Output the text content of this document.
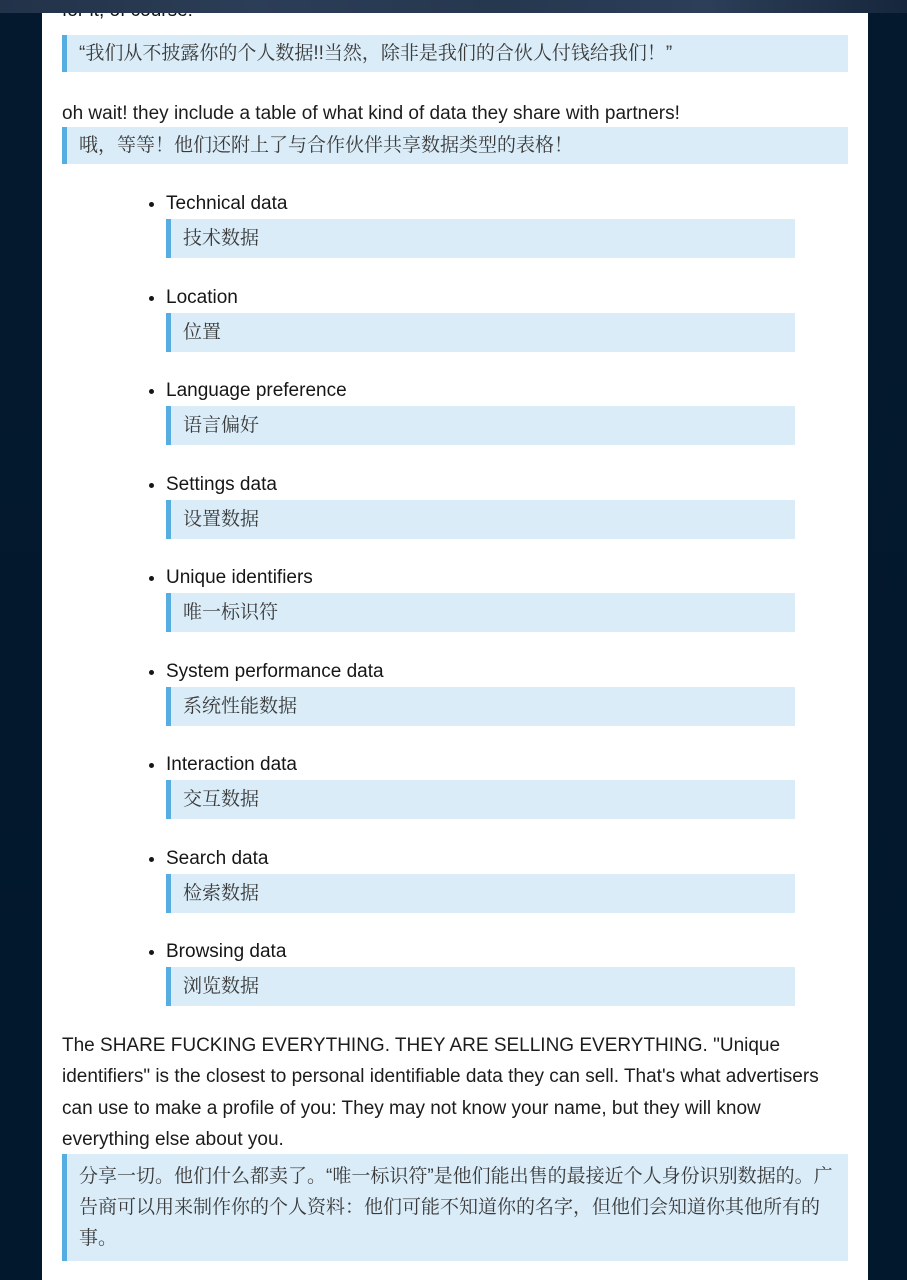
“我们从不披露你的个人数据!!当然，除非是我们的合伙人付钱给我们！”

oh wait! they include a table of what kind of data they share with partners!

哦，等等！他们还附上了与合作伙伴共享数据类型的表格！

• Technical data

技术数据

• Location

位置

• Language preference

语言偏好

• Settings data

设置数据

• Unique identifiers

唯一标识符

• System performance data

系统性能数据

• Interaction data

交互数据

• Search data

检索数据

• Browsing data

浏览数据

The SHARE FUCKING EVERYTHING. THEY ARE SELLING EVERYTHING. "Unique identifiers" is the closest to personal identifiable data they can sell. That's what advertisers can use to make a profile of you: They may not know your name, but they will know everything else about you.

分享一切。他们什么都卖了。“唯一标识符”是他们能出售的最接近个人身份识别数据的。广告商可以用来制作你的个人资料：他们可能不知道你的名字，但他们会知道你其他所有的事。
